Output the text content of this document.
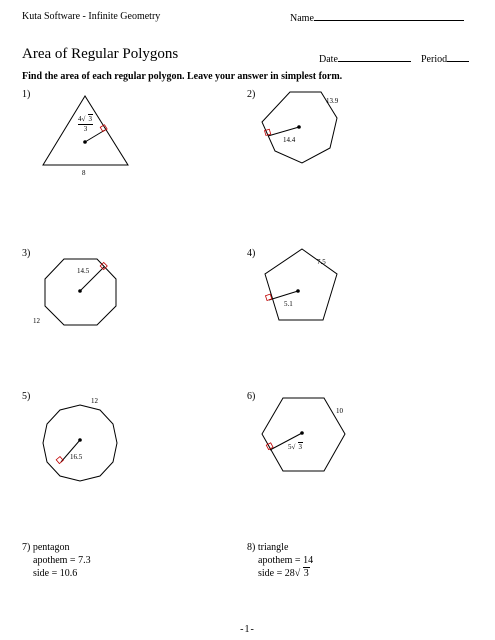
Kuta Software - Infinite Geometry	Name
Area of Regular Polygons	Date	Period
Find the area of each regular polygon. Leave your answer in simplest form.
1)	2)
3)	4)
5)	6)
4 √ 3
3
8
13.9
14.4
14.5
12
7.5
5.1
12
16.5
10
5 √ 3
7) pentagon
apothem = 7.3
side = 10.6
8) triangle
apothem = 14
side = 28 √ 3
-1-
